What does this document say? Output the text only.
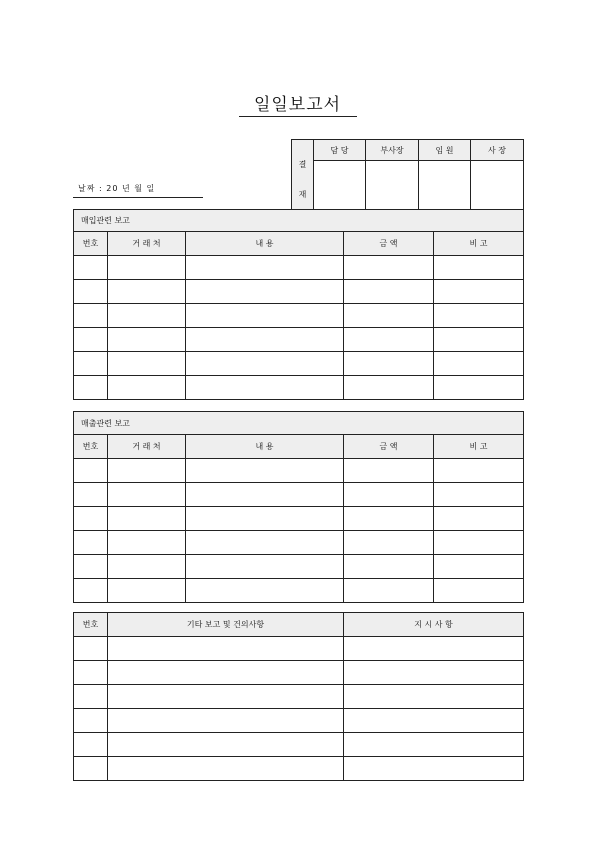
일일보고서
날짜 : 20 년 월 일
결
재	담 당	부사장	임 원	사 장

매입관련 보고				
번호	거 래 처	내 용	금 액	비 고

매출관련 보고				
번호	거 래 처	내 용	금 액	비 고

번호	기타 보고 및 건의사항	지 시 사 항
